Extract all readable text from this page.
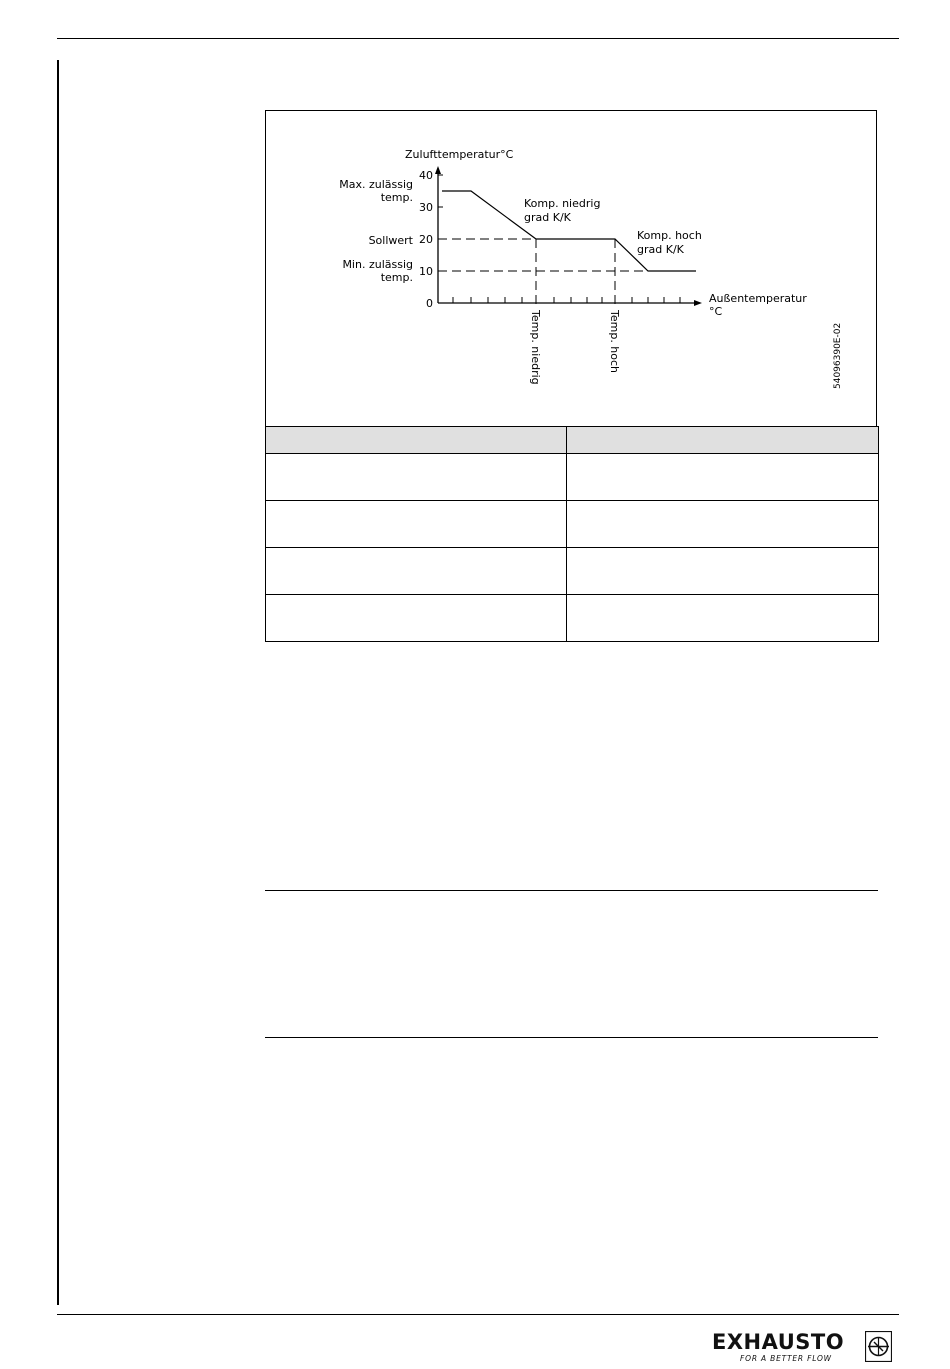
40
30
20
10
0
Zulufttemperatur°C
Außentemperatur
°C
Max. zulässig
temp.
Sollwert
Min. zulässig
temp.
Komp. niedrig
grad K/K
Komp. hoch
grad K/K
Temp. niedrig	Temp. hoch	54096390E-02

EXHAUSTO
FOR A BETTER FLOW
